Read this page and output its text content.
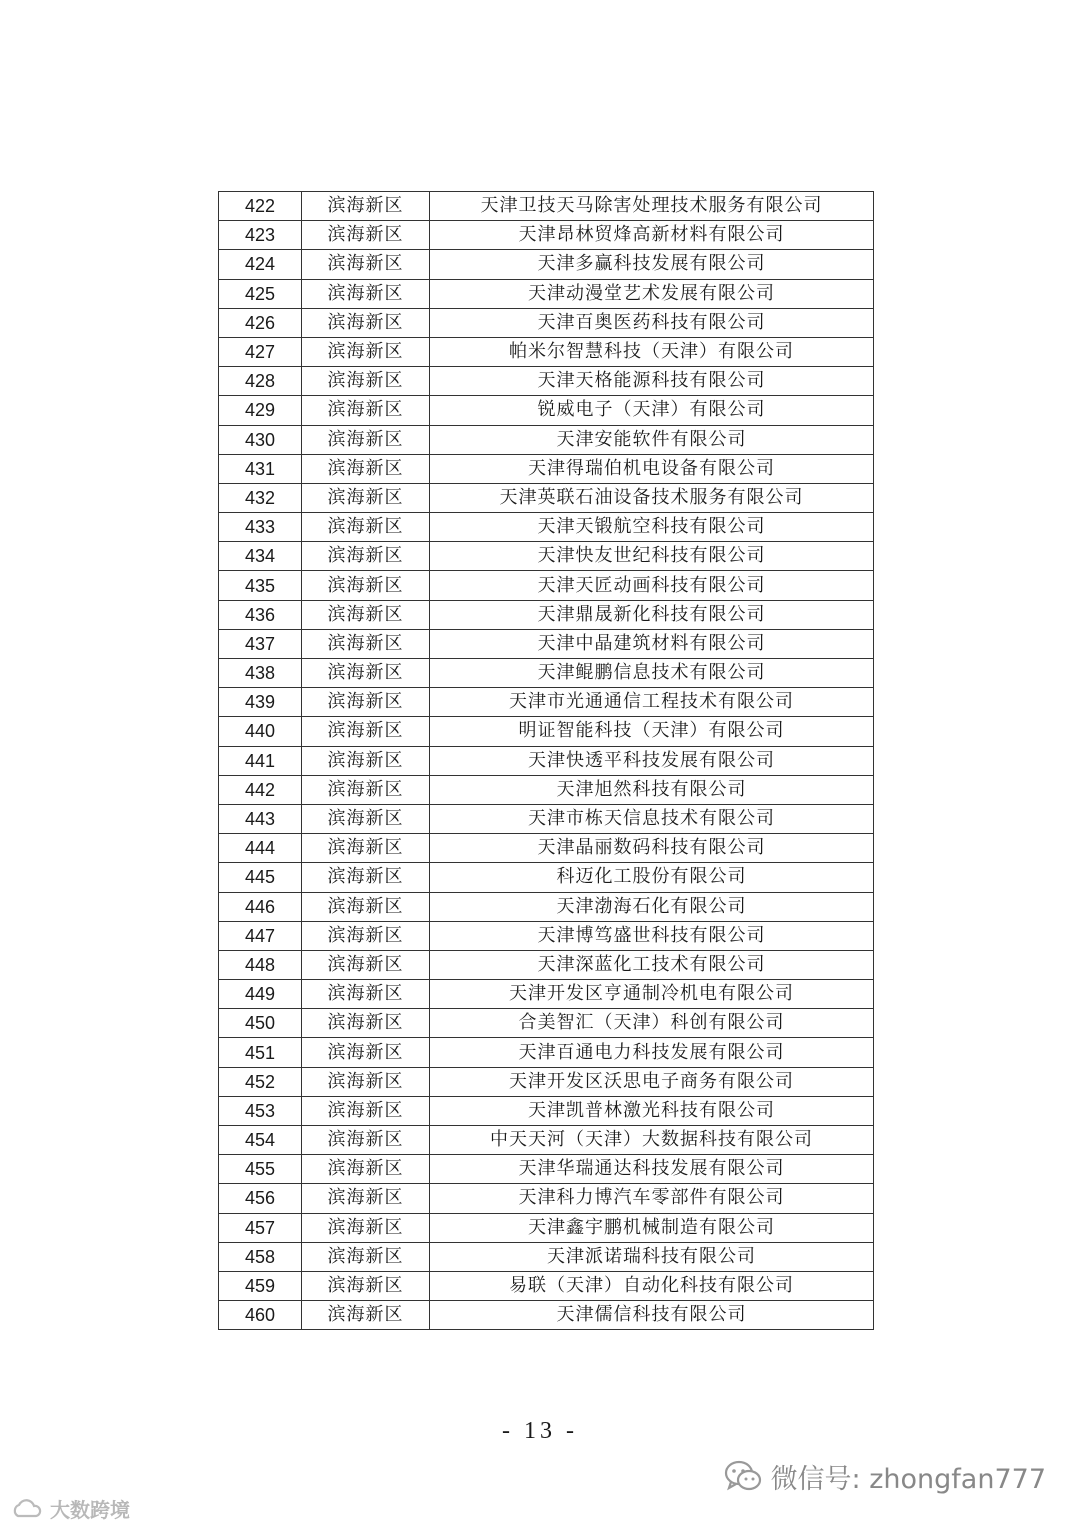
422	滨海新区	天津卫技天马除害处理技术服务有限公司
423	滨海新区	天津昂林贸烽高新材料有限公司
424	滨海新区	天津多赢科技发展有限公司
425	滨海新区	天津动漫堂艺术发展有限公司
426	滨海新区	天津百奥医药科技有限公司
427	滨海新区	帕米尔智慧科技（天津）有限公司
428	滨海新区	天津天格能源科技有限公司
429	滨海新区	锐威电子（天津）有限公司
430	滨海新区	天津安能软件有限公司
431	滨海新区	天津得瑞伯机电设备有限公司
432	滨海新区	天津英联石油设备技术服务有限公司
433	滨海新区	天津天锻航空科技有限公司
434	滨海新区	天津快友世纪科技有限公司
435	滨海新区	天津天匠动画科技有限公司
436	滨海新区	天津鼎晟新化科技有限公司
437	滨海新区	天津中晶建筑材料有限公司
438	滨海新区	天津鲲鹏信息技术有限公司
439	滨海新区	天津市光通通信工程技术有限公司
440	滨海新区	明证智能科技（天津）有限公司
441	滨海新区	天津快透平科技发展有限公司
442	滨海新区	天津旭然科技有限公司
443	滨海新区	天津市栋天信息技术有限公司
444	滨海新区	天津晶丽数码科技有限公司
445	滨海新区	科迈化工股份有限公司
446	滨海新区	天津渤海石化有限公司
447	滨海新区	天津博笃盛世科技有限公司
448	滨海新区	天津深蓝化工技术有限公司
449	滨海新区	天津开发区亨通制冷机电有限公司
450	滨海新区	合美智汇（天津）科创有限公司
451	滨海新区	天津百通电力科技发展有限公司
452	滨海新区	天津开发区沃思电子商务有限公司
453	滨海新区	天津凯普林激光科技有限公司
454	滨海新区	中天天河（天津）大数据科技有限公司
455	滨海新区	天津华瑞通达科技发展有限公司
456	滨海新区	天津科力博汽车零部件有限公司
457	滨海新区	天津鑫宇鹏机械制造有限公司
458	滨海新区	天津派诺瑞科技有限公司
459	滨海新区	易联（天津）自动化科技有限公司
460	滨海新区	天津儒信科技有限公司
- 13 -
微信号: zhongfan777
大数跨境
